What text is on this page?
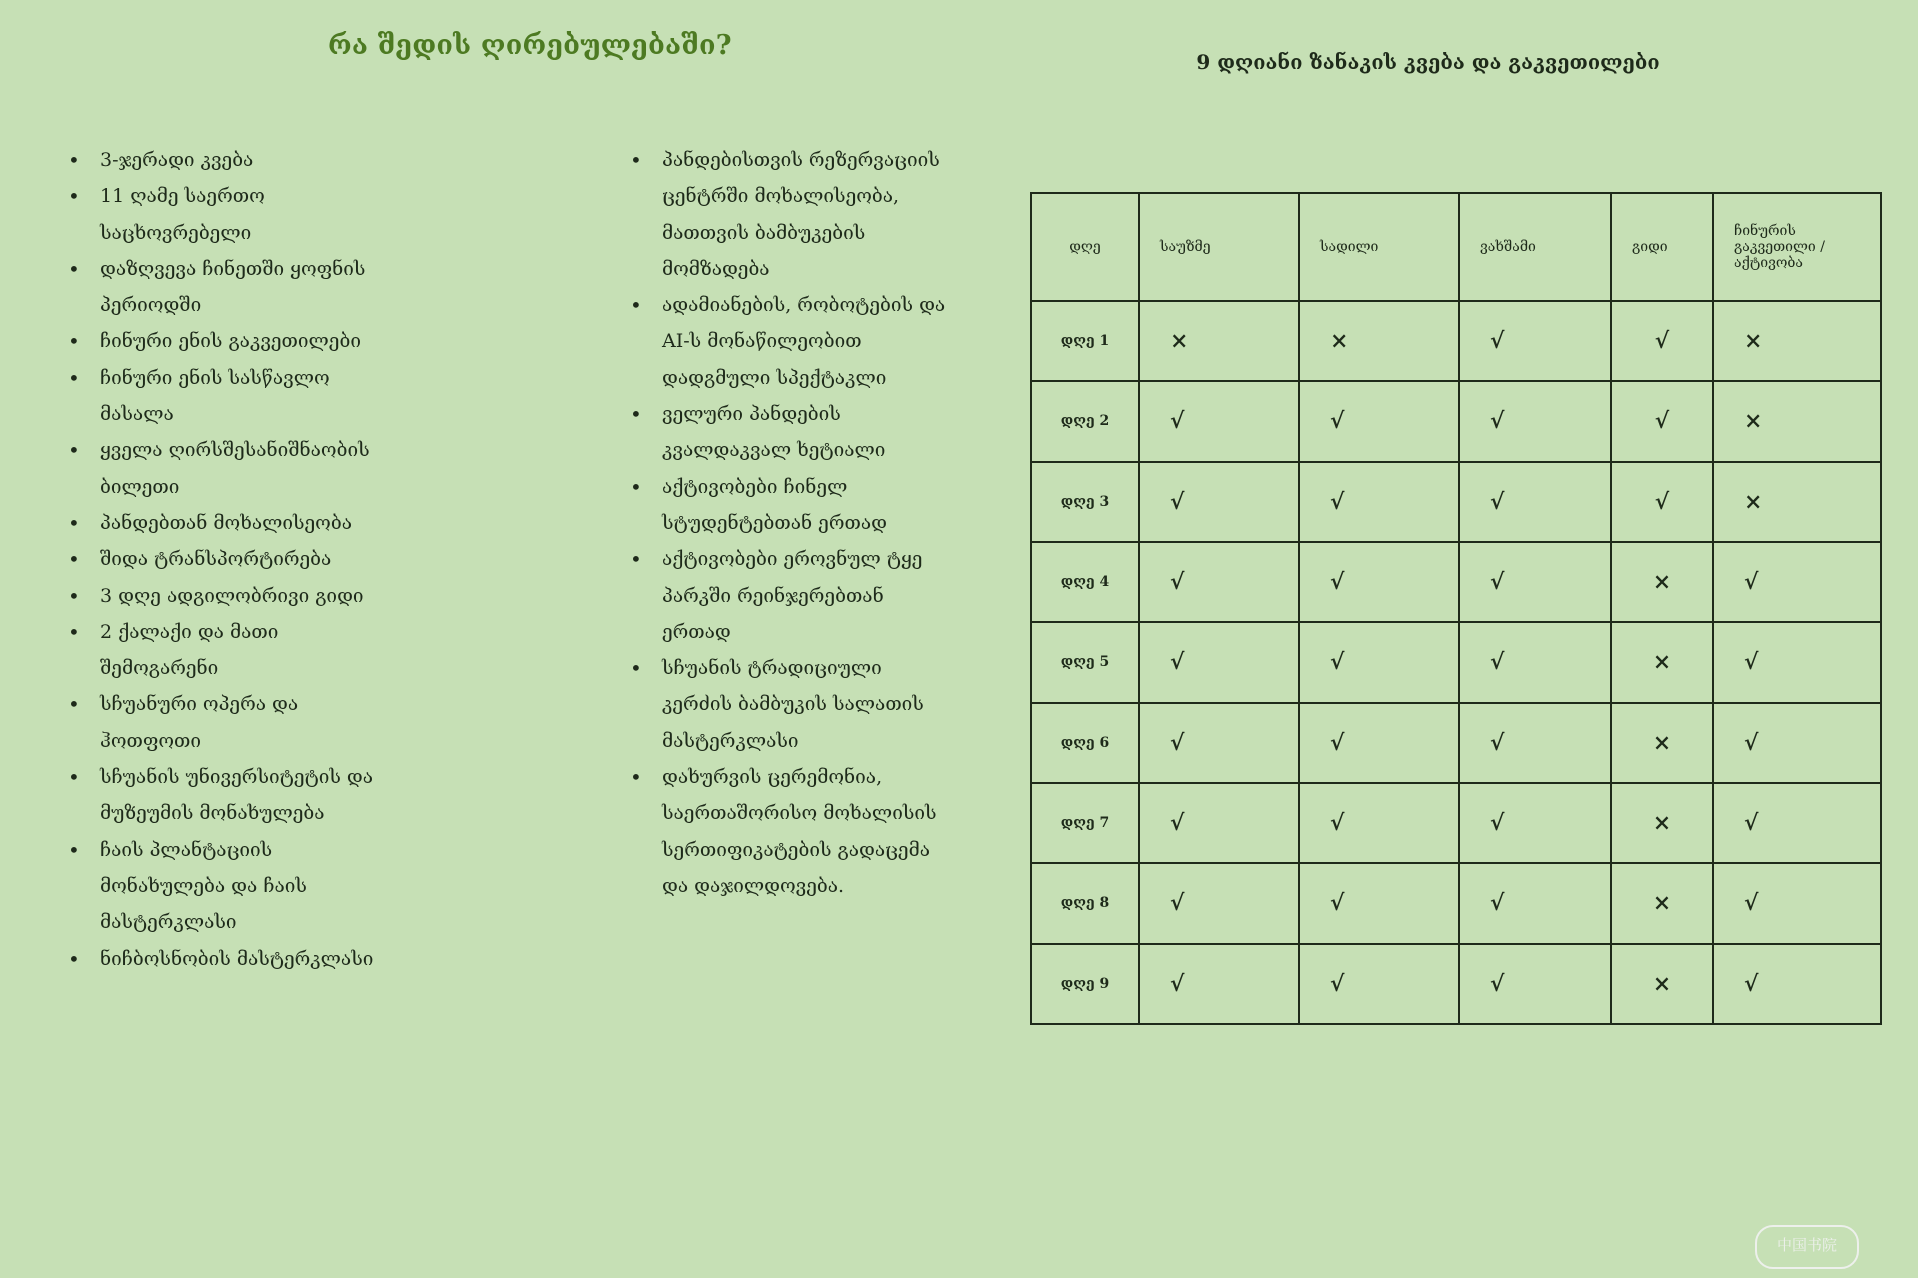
რა შედის ღირებულებაში?
• 3-ჯერადი კვება
• 11 ღამე საერთო საცხოვრებელი
• დაზღვევა ჩინეთში ყოფნის პერიოდში
• ჩინური ენის გაკვეთილები
• ჩინური ენის სასწავლო მასალა
• ყველა ღირსშესანიშნაობის ბილეთი
• პანდებთან მოხალისეობა
• შიდა ტრანსპორტირება
• 3 დღე ადგილობრივი გიდი
• 2 ქალაქი და მათი შემოგარენი
• სჩუანური ოპერა და ჰოთფოთი
• სჩუანის უნივერსიტეტის და მუზეუმის მონახულება
• ჩაის პლანტაციის მონახულება და ჩაის მასტერკლასი
• ნიჩბოსნობის მასტერკლასი
• პანდებისთვის რეზერვაციის ცენტრში მოხალისეობა, მათთვის ბამბუკების მომზადება
• ადამიანების, რობოტების და AI-ს მონაწილეობით დადგმული სპექტაკლი
• ველური პანდების კვალდაკვალ ხეტიალი
• აქტივობები ჩინელ სტუდენტებთან ერთად
• აქტივობები ეროვნულ ტყე პარკში რეინჯერებთან ერთად
• სჩუანის ტრადიციული კერძის ბამბუკის სალათის მასტერკლასი
• დახურვის ცერემონია, საერთაშორისო მოხალისის სერთიფიკატების გადაცემა და დაჯილდოვება.
9 დღიანი ზანაკის კვება და გაკვეთილები
დღე	საუზმე	სადილი	ვახშამი	გიდი	ჩინურის გაკვეთილი /აქტივობა
დღე 1	×	×	√	√	×
დღე 2	√	√	√	√	×
დღე 3	√	√	√	√	×
დღე 4	√	√	√	×	√
დღე 5	√	√	√	×	√
დღე 6	√	√	√	×	√
დღე 7	√	√	√	×	√
დღე 8	√	√	√	×	√
დღე 9	√	√	√	×	√
中国书院
